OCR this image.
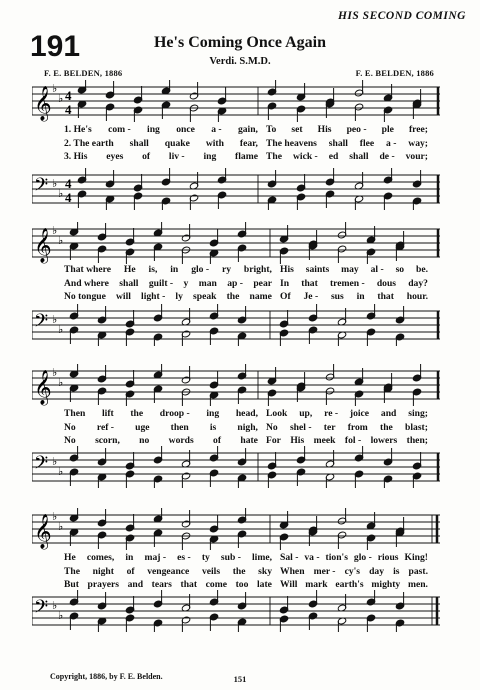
HIS SECOND COMING
191	He's Coming Once Again
Verdi. S.M.D.
F. E. BELDEN, 1886	F. E. BELDEN, 1886
𝄞 ♭
♭ 4
4
𝄢 ♭
♭
4
4
1. He's com - ing once a - gain, To set His peo - ple free;
2. The earth shall quake with fear, The heavens shall flee a - way;
3. His eyes of liv - ing flame The wick - ed shall de - vour;
That where He is, in glo - ry bright, His saints may al - so be.
And where shall guilt - y man ap - pear In that tremen - dous day?
No tongue will light - ly speak the name Of Je - sus in that hour.
Then lift the droop - ing head, Look up, re - joice and sing;
No ref - uge then is nigh, No shel - ter from the blast;
No scorn, no words of hate For His meek fol - lowers then;
He comes, in maj - es - ty sub - lime, Sal - va - tion's glo - rious King!
The night of vengeance veils the sky When mer - cy's day is past.
But prayers and tears that come too late Will mark earth's mighty men.
𝄞 ♭
♭
𝄢 ♭
♭
𝄞 ♭
♭
𝄢 ♭
♭
𝄞 ♭
♭
𝄢 ♭
♭
Copyright, 1886, by F. E. Belden.	151
